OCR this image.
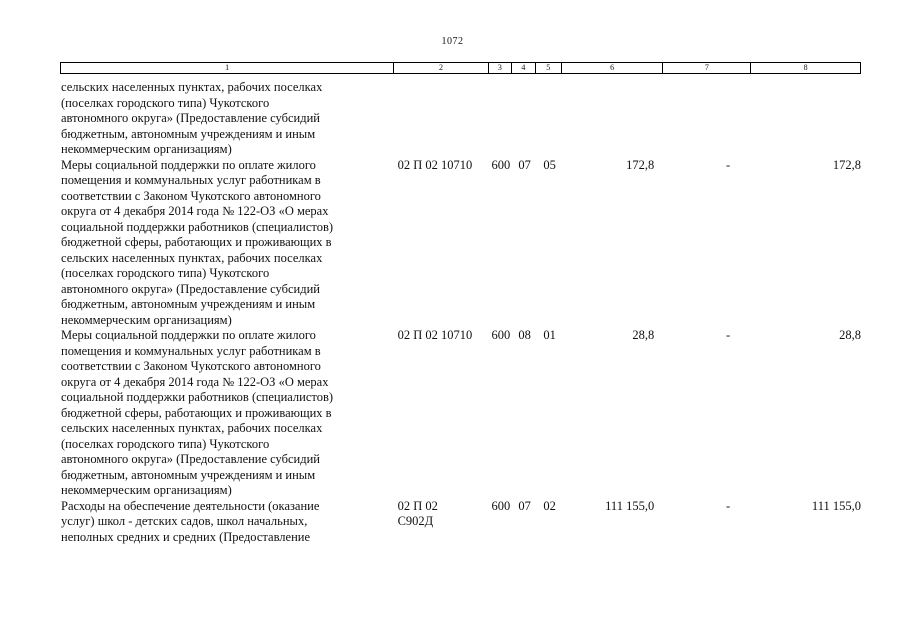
1072
1	2	3	4	5	6	7	8
сельских населенных пунктах, рабочих поселках
(поселках городского типа) Чукотского
автономного округа» (Предоставление субсидий
бюджетным, автономным учреждениям и иным
некоммерческим организациям)
Меры социальной поддержки по оплате жилого
помещения и коммунальных услуг работникам в
соответствии с Законом Чукотского автономного
округа от 4 декабря 2014 года № 122-ОЗ «О мерах
социальной поддержки работников (специалистов)
бюджетной сферы, работающих и проживающих в
сельских населенных пунктах, рабочих поселках
(поселках городского типа) Чукотского
автономного округа» (Предоставление субсидий
бюджетным, автономным учреждениям и иным
некоммерческим организациям)
02 П 02 10710	600 07 05	172,8	-	172,8
Меры социальной поддержки по оплате жилого
помещения и коммунальных услуг работникам в
соответствии с Законом Чукотского автономного
округа от 4 декабря 2014 года № 122-ОЗ «О мерах
социальной поддержки работников (специалистов)
бюджетной сферы, работающих и проживающих в
сельских населенных пунктах, рабочих поселках
(поселках городского типа) Чукотского
автономного округа» (Предоставление субсидий
бюджетным, автономным учреждениям и иным
некоммерческим организациям)
02 П 02 10710	600 08 01	28,8	-	28,8
Расходы на обеспечение деятельности (оказание
услуг) школ - детских садов, школ начальных,
неполных средних и средних (Предоставление
02 П 02
С902Д
600 07 02	111 155,0	-	111 155,0
